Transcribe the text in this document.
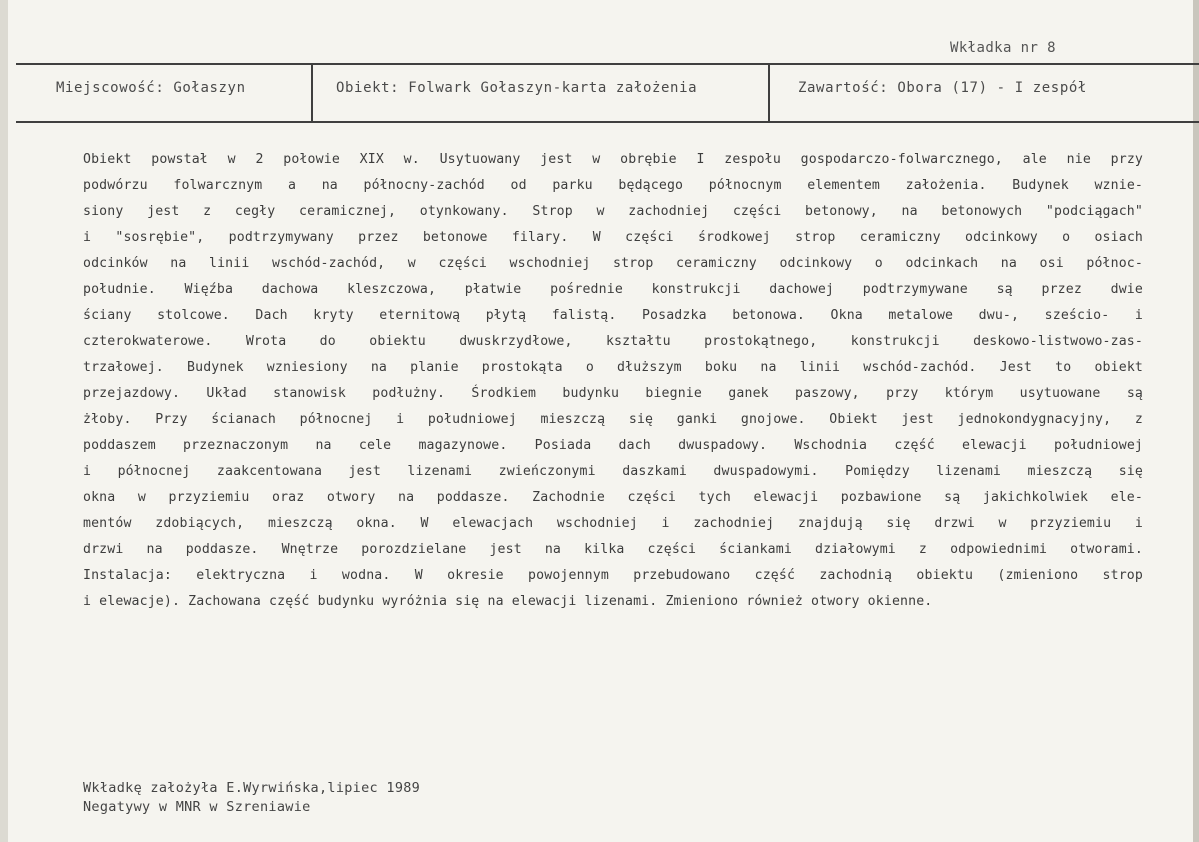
Wkładka nr 8
Miejscowość: Gołaszyn	Obiekt: Folwark Gołaszyn-karta założenia	Zawartość: Obora (17) - I zespół
Obiekt powstał w 2 połowie XIX w. Usytuowany jest w obrębie I zespołu gospodarczo-folwarcznego, ale nie przy
podwórzu folwarcznym a na północny-zachód od parku będącego północnym elementem założenia. Budynek wznie-
siony jest z cegły ceramicznej, otynkowany. Strop w zachodniej części betonowy, na betonowych "podciągach"
i "sosrębie", podtrzymywany przez betonowe filary. W części środkowej strop ceramiczny odcinkowy o osiach
odcinków na linii wschód-zachód, w części wschodniej strop ceramiczny odcinkowy o odcinkach na osi północ-
południe. Więźba dachowa kleszczowa, płatwie pośrednie konstrukcji dachowej podtrzymywane są przez dwie
ściany stolcowe. Dach kryty eternitową płytą falistą. Posadzka betonowa. Okna metalowe dwu-, sześcio- i
czterokwaterowe. Wrota do obiektu dwuskrzydłowe, kształtu prostokątnego, konstrukcji deskowo-listwowo-zas-
trzałowej. Budynek wzniesiony na planie prostokąta o dłuższym boku na linii wschód-zachód. Jest to obiekt
przejazdowy. Układ stanowisk podłużny. Środkiem budynku biegnie ganek paszowy, przy którym usytuowane są
żłoby. Przy ścianach północnej i południowej mieszczą się ganki gnojowe. Obiekt jest jednokondygnacyjny, z
poddaszem przeznaczonym na cele magazynowe. Posiada dach dwuspadowy. Wschodnia część elewacji południowej
i północnej zaakcentowana jest lizenami zwieńczonymi daszkami dwuspadowymi. Pomiędzy lizenami mieszczą się
okna w przyziemiu oraz otwory na poddasze. Zachodnie części tych elewacji pozbawione są jakichkolwiek ele-
mentów zdobiących, mieszczą okna. W elewacjach wschodniej i zachodniej znajdują się drzwi w przyziemiu i
drzwi na poddasze. Wnętrze porozdzielane jest na kilka części ściankami działowymi z odpowiednimi otworami.
Instalacja: elektryczna i wodna. W okresie powojennym przebudowano część zachodnią obiektu (zmieniono strop
i elewacje). Zachowana część budynku wyróżnia się na elewacji lizenami. Zmieniono również otwory okienne.
Wkładkę założyła E.Wyrwińska,lipiec 1989
Negatywy w MNR w Szreniawie
